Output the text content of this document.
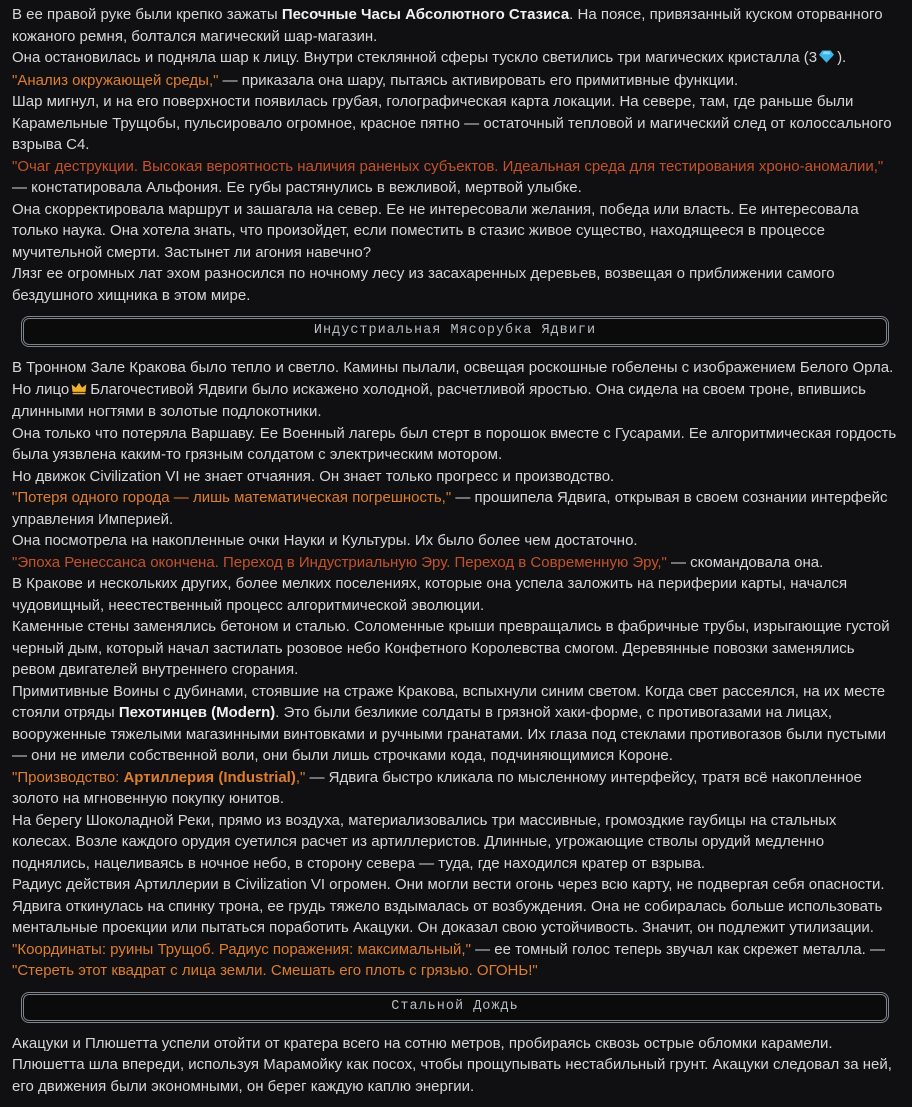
В ее правой руке были крепко зажаты Песочные Часы Абсолютного Стазиса. На поясе, привязанный куском оторванного кожаного ремня, болтался магический шар-магазин.

Она остановилась и подняла шар к лицу. Внутри стеклянной сферы тускло светились три магических кристалла (3 ).

"Анализ окружающей среды," — приказала она шару, пытаясь активировать его примитивные функции.

Шар мигнул, и на его поверхности появилась грубая, голографическая карта локации. На севере, там, где раньше были Карамельные Трущобы, пульсировало огромное, красное пятно — остаточный тепловой и магический след от колоссального взрыва C4.

"Очаг деструкции. Высокая вероятность наличия раненых субъектов. Идеальная среда для тестирования хроно-аномалии," — констатировала Альфония. Ее губы растянулись в вежливой, мертвой улыбке.

Она скорректировала маршрут и зашагала на север. Ее не интересовали желания, победа или власть. Ее интересовала только наука. Она хотела знать, что произойдет, если поместить в стазис живое существо, находящееся в процессе мучительной смерти. Застынет ли агония навечно?

Лязг ее огромных лат эхом разносился по ночному лесу из засахаренных деревьев, возвещая о приближении самого бездушного хищника в этом мире.

Индустриальная Мясорубка Ядвиги

В Тронном Зале Кракова было тепло и светло. Камины пылали, освещая роскошные гобелены с изображением Белого Орла.

Но лицо Благочестивой Ядвиги было искажено холодной, расчетливой яростью. Она сидела на своем троне, впившись длинными ногтями в золотые подлокотники.

Она только что потеряла Варшаву. Ее Военный лагерь был стерт в порошок вместе с Гусарами. Ее алгоритмическая гордость была уязвлена каким-то грязным солдатом с электрическим мотором.

Но движок Civilization VI не знает отчаяния. Он знает только прогресс и производство.

"Потеря одного города — лишь математическая погрешность," — прошипела Ядвига, открывая в своем сознании интерфейс управления Империей.

Она посмотрела на накопленные очки Науки и Культуры. Их было более чем достаточно.

"Эпоха Ренессанса окончена. Переход в Индустриальную Эру. Переход в Современную Эру," — скомандовала она.

В Кракове и нескольких других, более мелких поселениях, которые она успела заложить на периферии карты, начался чудовищный, неестественный процесс алгоритмической эволюции.

Каменные стены заменялись бетоном и сталью. Соломенные крыши превращались в фабричные трубы, изрыгающие густой черный дым, который начал застилать розовое небо Конфетного Королевства смогом. Деревянные повозки заменялись ревом двигателей внутреннего сгорания.

Примитивные Воины с дубинами, стоявшие на страже Кракова, вспыхнули синим светом. Когда свет рассеялся, на их месте стояли отряды Пехотинцев (Modern). Это были безликие солдаты в грязной хаки-форме, с противогазами на лицах, вооруженные тяжелыми магазинными винтовками и ручными гранатами. Их глаза под стеклами противогазов были пустыми — они не имели собственной воли, они были лишь строчками кода, подчиняющимися Короне.

"Производство: Артиллерия (Industrial)," — Ядвига быстро кликала по мысленному интерфейсу, тратя всё накопленное золото на мгновенную покупку юнитов.

На берегу Шоколадной Реки, прямо из воздуха, материализовались три массивные, громоздкие гаубицы на стальных колесах. Возле каждого орудия суетился расчет из артиллеристов. Длинные, угрожающие стволы орудий медленно поднялись, нацеливаясь в ночное небо, в сторону севера — туда, где находился кратер от взрыва.

Радиус действия Артиллерии в Civilization VI огромен. Они могли вести огонь через всю карту, не подвергая себя опасности.

Ядвига откинулась на спинку трона, ее грудь тяжело вздымалась от возбуждения. Она не собиралась больше использовать ментальные проекции или пытаться поработить Акацуки. Он доказал свою устойчивость. Значит, он подлежит утилизации.

"Координаты: руины Трущоб. Радиус поражения: максимальный," — ее томный голос теперь звучал как скрежет металла. — "Стереть этот квадрат с лица земли. Смешать его плоть с грязью. ОГОНЬ!"

Стальной Дождь

Акацуки и Плюшетта успели отойти от кратера всего на сотню метров, пробираясь сквозь острые обломки карамели. Плюшетта шла впереди, используя Марамойку как посох, чтобы прощупывать нестабильный грунт. Акацуки следовал за ней, его движения были экономными, он берег каждую каплю энергии.
